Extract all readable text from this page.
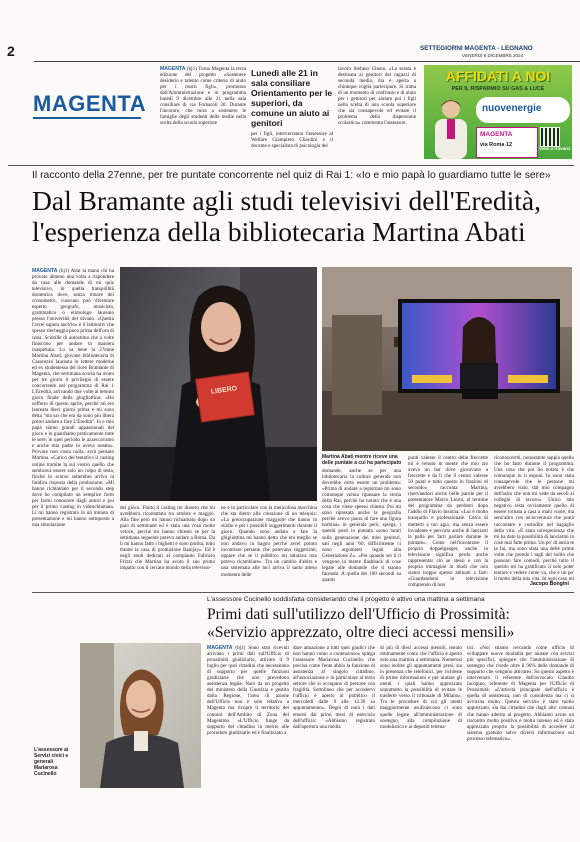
2	SETTEGIORNI MAGENTA - LEGNANO
VENERDÌ 6 DICEMBRE 2024
MAGENTA

MAGENTA (bj1) Torna Magenta la terza edizione del progetto «Sostenere desiderio e talento come criterio di aiuto per i nostri figli», promosso dall'Amministrazione e in programma lunedì 9 dicembre alle 21 nella sala consiliare di via Fornaroli 30. Durante l'incontro, che mira a sostenere le famiglie degli studenti delle medie nella scelta della scuola superiore

Lunedì alle 21 in sala consiliare Orientamento per le superiori, da comune un aiuto ai genitori

per i figli, interverranno l'assessore al Welfare Giampiero Chiodini e il docente e specialista di psicologia del

lavoro Stefano Ghenn. «La serata è destinata ai genitori dei ragazzi di seconda media, ma è aperta a chiunque voglia partecipare. Si tratta di un momento di confronto e di aiuto per i genitori per aiutare poi i figli nella scelta di una scuola superiore che sia consapevole ed evitare il problema della dispersione scolastica» commenta l'assessore.

AFFIDATI A NOI
PER IL RISPARMIO SU GAS & LUCE
nuovenergie
MAGENTA
via Roma 12
Vieni a trovarci
Il racconto della 27enne, per tre puntate concorrente nel quiz di Rai 1: «Io e mio papà lo guardiamo tutte le sere»
Dal Bramante agli studi televisivi dell'Eredità,
l'esperienza della bibliotecaria Martina Abati

MAGENTA (bj1) Abat la mano chi ha provato almeno una volta a rispondere da casa alle domande di un quiz televisivo, in quella tranquillità domestica dove, senza timore del cronometro, ciascuno può diventare esperto geografo, musicista, grammatico o etimologo laureato presso l'università del divano. «Questa l'avrei saputa anch'io» è il leitmotiv che spesso riecheggia poco prima dell'ora di cena. Scintille di autostima che a volte finiscono per andare in maniera inaspettata. Lo sa bene la 27enne Martina Abati, giovane bibliotecaria di Casorezzo laureata in lettere moderne ed ex studentessa del liceo Bramante di Magenta, che settimana scorsa ha avuto per tre giorni il privilegio di essere concorrente nel programma di Rai 1 L'Eredità, arrivando due volte al temuto gioco finale della ghigliottina: «Ho sofferto di questo aprile, perché mi ero laureata dieci giorni prima e mi sono detta "ma sai che era da sono più libera potrei andare a fare L'Eredità". Io e mio papà siamo grandi appassionati del gioco e lo guardiamo praticamente tutte le sere; in quel periodo le azzeccavamo e anche mia padre lo aveva notato». Provare non costa nulla, avrà pensato Martina. «Carico del tentativo il casting online tramite la sul vostro quello che sembrava essere solo un colpo di testa, finché lo scorso settembre arriva la fatidica risposta della produzione: «Mi hanno richiamato per il secondo step dove ho compilato un semplice form per farmi conoscere dagli autori e poi per il primo casting in videochiamata. Lì mi hanno registrato in un minuto di presentazione e mi hanno sottoposto a una simulazione

LIBERO

del gioco. Finito il casting mi dissero che mi avrebbero ricontattata tra ottobre e maggio. Alla fine però mi hanno richiamato dopo un paio di settimane ed è stata una cosa molto veloce, perché mi hanno chiesto se per la settimana seguente potevo andare a Roma. Da lì mi hanno fatto i biglietti e sono partita, tutto tranne la casa di produzione Banijay». Ed è negli studi dedicati al compianto Fabrizio Frizzi che Martina ha avuto il suo primo impatto con il cercato mondo della televisio-

ne e in particolare con la meticolosa macchina che sta dietro alla creazione di un telequiz: «La preoccupazione maggiore che hanno in studio e per i possibili suggerimenti durante il gioco. Quando sono andata a fare la ghigliottina mi hanno detto che era meglio se non andavo in bagno perché avrei potuto incontrare persone che potevano suggerirmi, oppure che se il pubblico mi salutava non potevo ricambiare». Tra un cambio d'abito e una sistemata alle luci arriva il tanto atteso momento delle

Martina Abati mentre riceve una delle puntate a cui ha partecipato

domande, anche se per una bibliotecaria la cultura generale non dovrebbe certo essere un problema: «Prima di andare a registrare mi sono comunque voluta ripassare la storia della Rai, perché ho notato che è una cosa che viene spesso chiesta. Poi mi sono ripassata anche la geografia perché avevo paura di fare una figura barbina» in generale però, spiega, i quesiti posti in puntata «sono tarati sulla generazione dei miei genitori, sati negli anni '60, difficilmente ci sono argomenti legati alla Generazione Z». «Poi quando sei lì ti vengono in mente flashback di cose legate alle domande che ti stanno facendo. A quella dei 100 secondi su quanti

punti valesse il centro delle freccette mi è venuto in mente che mio zio aveva un bar dove giocavano a freccette e da lì che il centro valesse 50 punti e tutto questo in frazioni di secondo» racconta Martina, riservandosi anche belle parole per il presentatore Marco Liorni, al termine del programma da perdenti dopo l'addio di Flavio Insinna: «Lui è molto tranquillo e professionale. Cerca di metterti a tuo agio, ma senza essere invadente e percorra anche di lanciarti la palla per farti parlare durante le puntate». Come nell'incontrare il proprio doppelganger, anche in televisione significa perdo anche rappresentar ciò se stessi e con la propria immagine in modi che non siamo troppo spesso abituati a fare: «Guardandomi in televisione comprendo di non

riconoscermi, nonostante sappia quello che ho fatto durante il programma. Una cosa che poi ho notato è che comunque tu ti esponi. Io sono stata consapevole che le persone mi avrebbero visto, dal mio compagno dell'asilo che non mi vede da secoli ai colleghi di lavoro». Unico lato negativo resta ovviamente quello di essere tornata a casa a mani vuote, ma senz'altro con un'avventura che potrà raccontare e custodire nel bagaglio della vita: «È stata un'esperienza che mi ha dato la possibilità di lanciarmi in cose mai fatte prima. Un po' di ansia te la fai, ma sono stata una delle prime volte che prendo i tagli del solito che possono fare comodi, perché tutto il quesito mi ha gratificato il solo poter tentare e vedere come va, che è un po' il motto della mia vita. In ogni caso mi

Jacopo Bongini
L'assessore Cucinello soddisfatta considerando che il progetto è attivo una mattina a settimana
Primi dati sull'utilizzo dell'Ufficio di Prossimità:
«Servizio apprezzato, oltre dieci accessi mensili»
L'assessore ai Servizi civici e generali Mariarosa Cucinello

MAGENTA (bj1) Sono stati ricevuti arrivano i primi dati sull'Ufficio di prossimità giudiziario, attivato il 9 luglio per quei cittadini che necessitano di supporto per quelle funzioni giudiziarie che non prevedono assistenza legale. Nato da un progetto del ministero della Giustizia e gestito dalla Regione, l'area di azione dell'Ufficio non è solo relativa a Magenta ma ricopre il territorio dei comuni dell'Ambito di Zona del Magentino. «L'Ufficio funge da supporto del cittadino in merito alle procedure giudiziarie ed è finalizzato a

dare attuazione a tutti quei giudici che non hanno conto a contenzioso» spiega l'assessore Mariarosa Cucinello, che precisa come l'ente abbia la funzione di assistenza al singolo cittadino, all'associazione e in particolare al terzo settore che si occupano di persone con fragilità. Sottolineo che per accedervi l'ufficio è aperto al pubblico il mercoledì dalle 9 alle 12.30 su appuntamento». Degni di nota i dati emersi dai primi mesi di esercizio dell'ufficio: «Abbiamo registrato dall'apertura una media

di più di dieci accessi mensili, tenuto ottimamente conto che l'ufficio è aperto solo una mattina a settimana. Numerosi sono inoltre gli appuntamenti presi, sia in presenza che telefonici, per richieste di prime informazioni e per aiutare gli utenti i quali hanno apprezzato soprattutto la possibilità di evitare le trasferte verso il tribunale di Milano». Tra le procedure di cui gli utenti maggiormente usufruiscono ci sono quelle legate all'amministrazione di sostegno, alla compilazione di modulistica e ai depositi telema-

tici: «Noi stiamo cercando come ufficio di sviluppare nuove modalità per aiutare con servizi più specifici, spiegare che l'amministrazione di sostegno che rivede oltre il 90% delle domande di supporto che vengono attivate». Su questo aspetto è intervenuto il referente dell'avvocato Claudio Iacopino, referente di Magenta per l'Ufficio di Prossimità: «L'attività principale dell'ufficio è quella di assistenza, non di consulenza ma ci si avvicina molto. Questo servizio è stato molto apprezzato, sia dai cittadini che dagli altri comuni che hanno aderito al progetto. Abbiamo avuto un riscontro molto positivo e molto intenso ed è stata apprezzata proprio la possibilità di accedere al sistema gratuito salvo diversi informazioni sul processo telematico».
